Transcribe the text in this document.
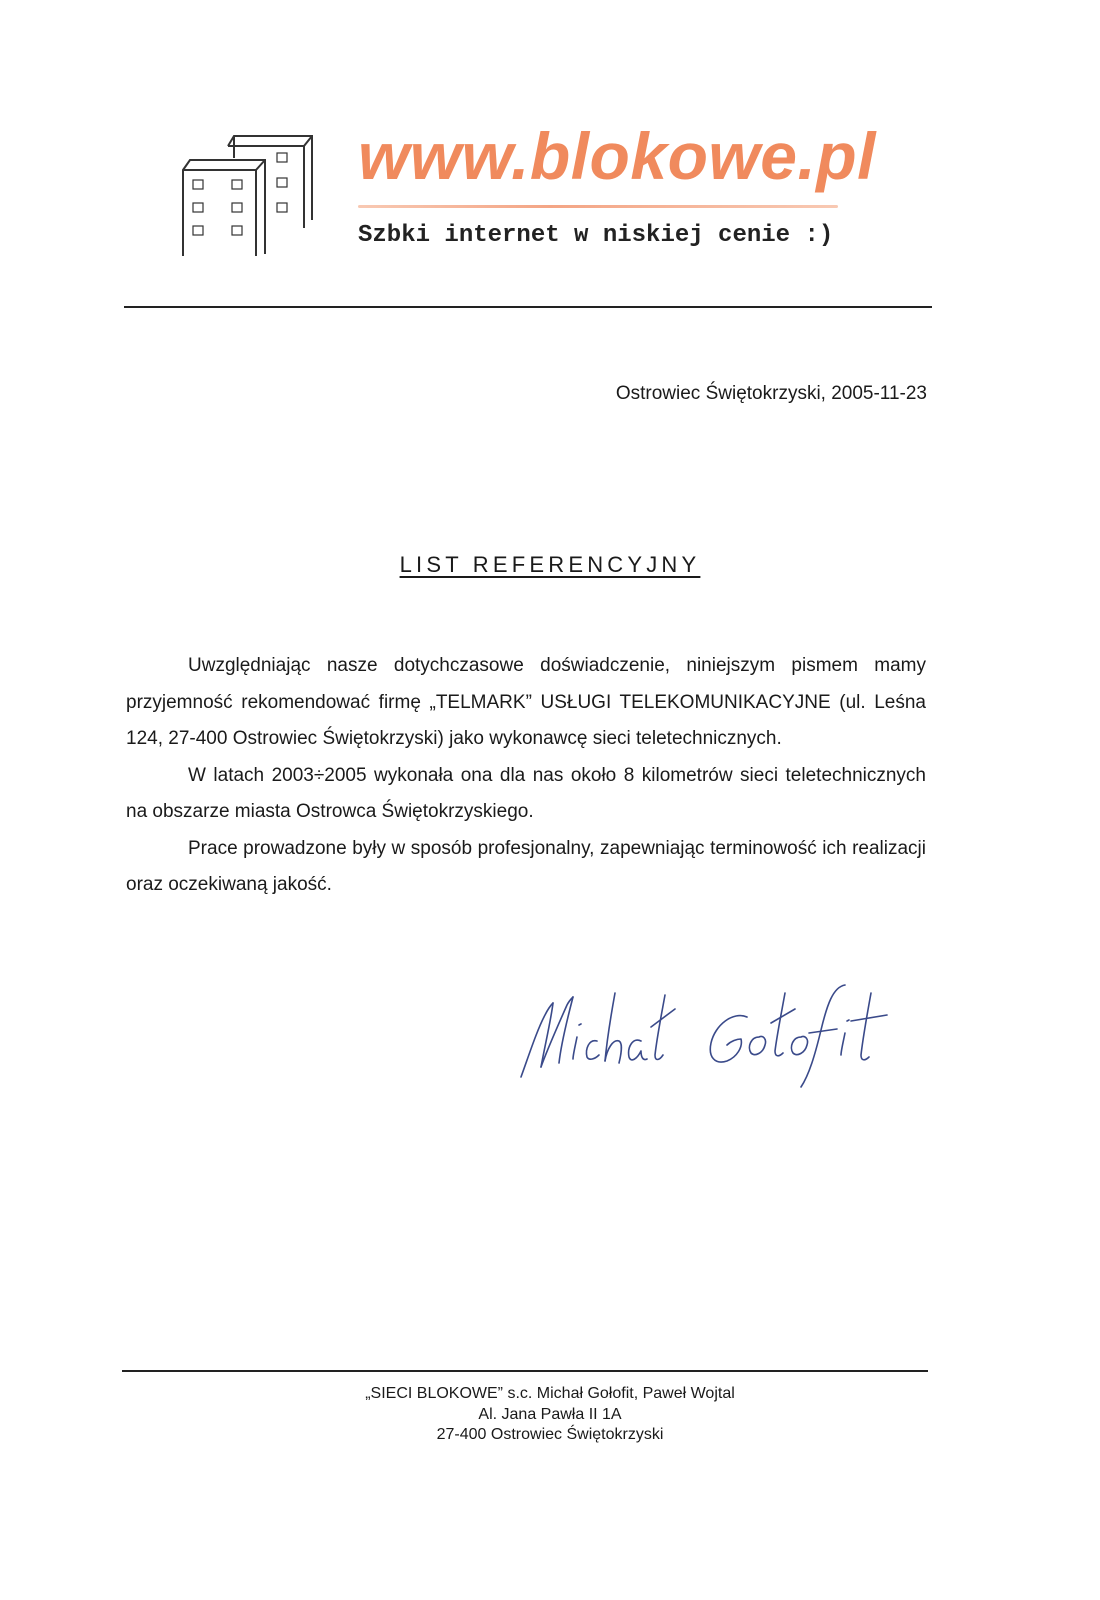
www.blokowe.pl
Szbki internet w niskiej cenie :)
Ostrowiec Świętokrzyski, 2005-11-23
LIST REFERENCYJNY

Uwzględniając nasze dotychczasowe doświadczenie, niniejszym pismem mamy przyjemność rekomendować firmę „TELMARK” USŁUGI TELEKOMUNIKACYJNE (ul. Leśna 124, 27-400 Ostrowiec Świętokrzyski) jako wykonawcę sieci teletechnicznych.

W latach 2003÷2005 wykonała ona dla nas około 8 kilometrów sieci teletechnicznych na obszarze miasta Ostrowca Świętokrzyskiego.

Prace prowadzone były w sposób profesjonalny, zapewniając terminowość ich realizacji oraz oczekiwaną jakość.

„SIECI BLOKOWE” s.c. Michał Gołofit, Paweł Wojtal
Al. Jana Pawła II 1A
27-400 Ostrowiec Świętokrzyski
